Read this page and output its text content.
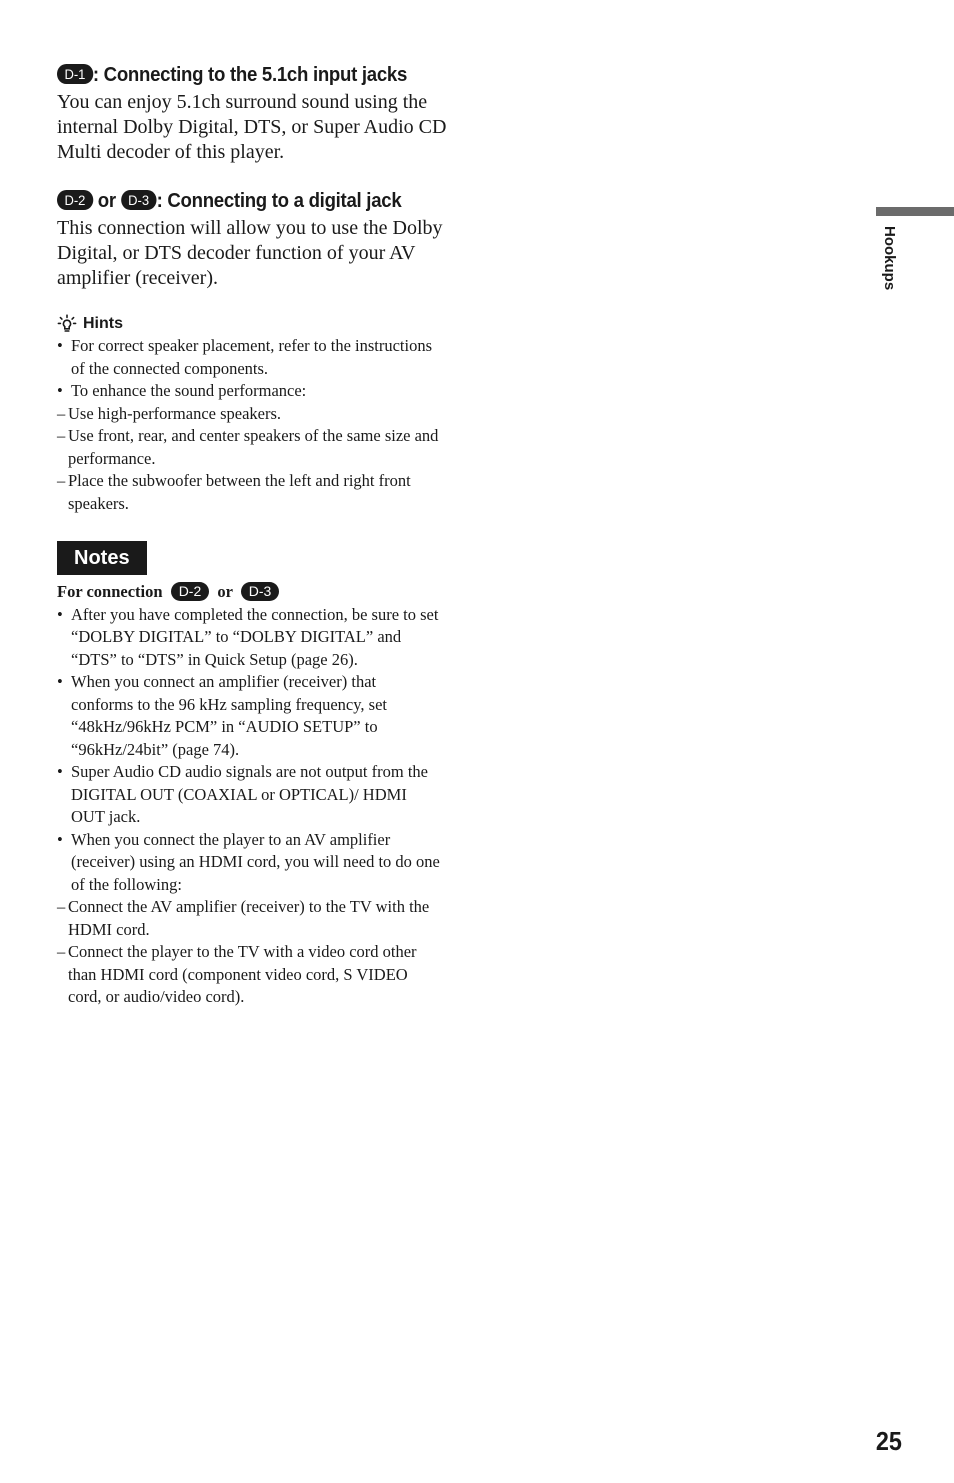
D-1 : Connecting to the 5.1ch input jacks

You can enjoy 5.1ch surround sound using the internal Dolby Digital, DTS, or Super Audio CD Multi decoder of this player.

D-2 or D-3 : Connecting to a digital jack

This connection will allow you to use the Dolby Digital, or DTS decoder function of your AV amplifier (receiver).

Hints
• For correct speaker placement, refer to the instructions of the connected components.
• To enhance the sound performance:
– Use high-performance speakers.
– Use front, rear, and center speakers of the same size and performance.
– Place the subwoofer between the left and right front speakers.
Notes
For connection D-2 or D-3
• After you have completed the connection, be sure to set “DOLBY DIGITAL” to “DOLBY DIGITAL” and “DTS” to “DTS” in Quick Setup (page 26).
• When you connect an amplifier (receiver) that conforms to the 96 kHz sampling frequency, set “48kHz/96kHz PCM” in “AUDIO SETUP” to “96kHz/24bit” (page 74).
• Super Audio CD audio signals are not output from the DIGITAL OUT (COAXIAL or OPTICAL)/ HDMI OUT jack.
• When you connect the player to an AV amplifier (receiver) using an HDMI cord, you will need to do one of the following:
– Connect the AV amplifier (receiver) to the TV with the HDMI cord.
– Connect the player to the TV with a video cord other than HDMI cord (component video cord, S VIDEO cord, or audio/video cord).
Hookups
25
